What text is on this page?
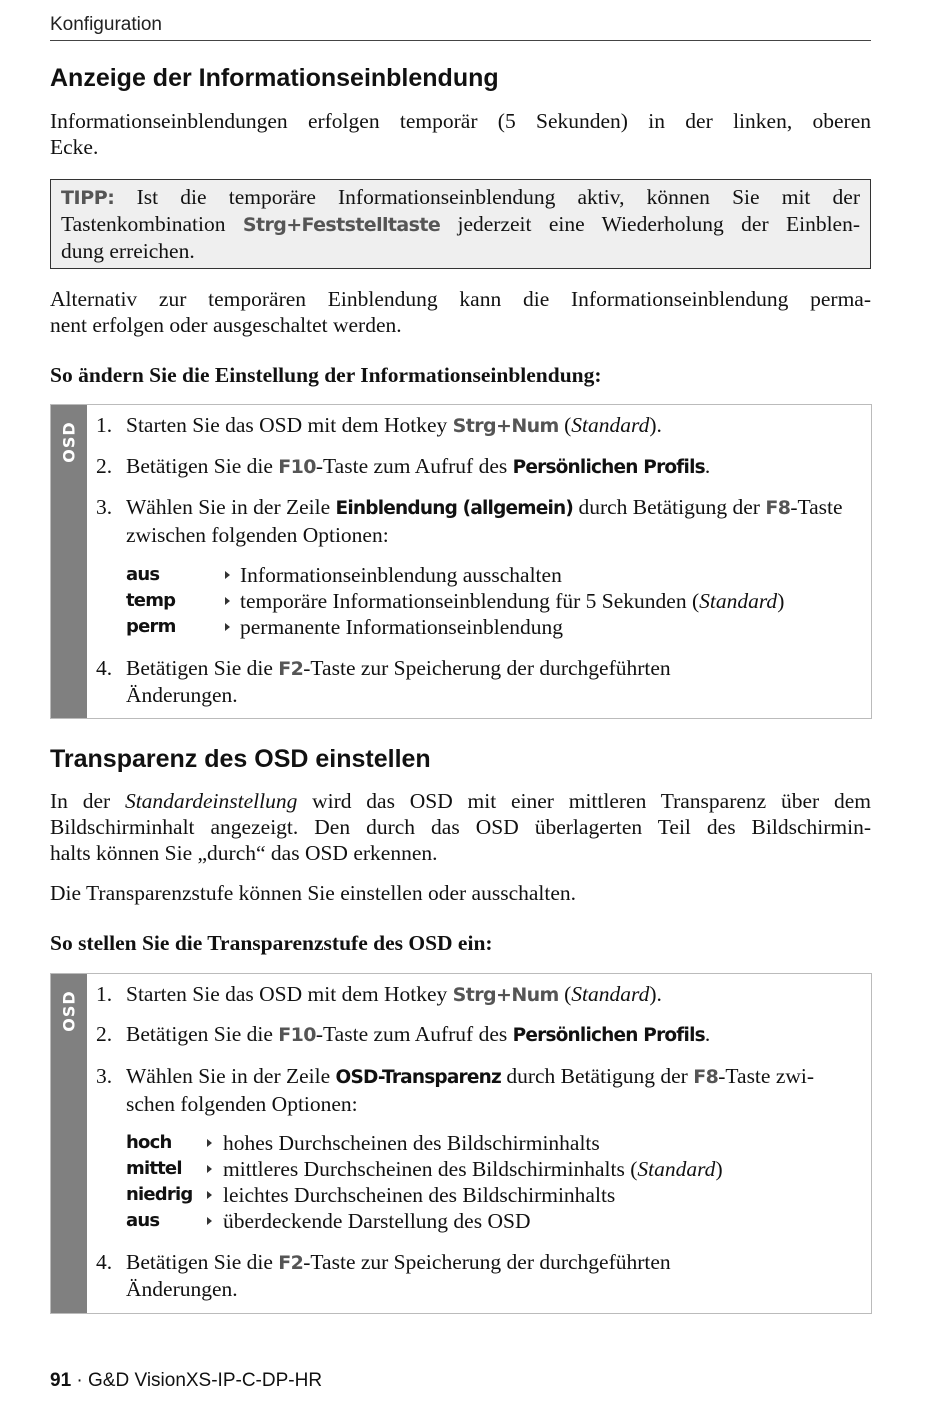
Konfiguration
Anzeige der Informationseinblendung
Informationseinblendungen erfolgen temporär (5 Sekunden) in der linken, oberen
Ecke.
TIPP: Ist die temporäre Informationseinblendung aktiv, können Sie mit der
Tastenkombination Strg+Feststelltaste jederzeit eine Wiederholung der Einblen-
dung erreichen.
Alternativ zur temporären Einblendung kann die Informationseinblendung perma-
nent erfolgen oder ausgeschaltet werden.
So ändern Sie die Einstellung der Informationseinblendung:
OSD 1. Starten Sie das OSD mit dem Hotkey Strg+Num (Standard).
2. Betätigen Sie die F10-Taste zum Aufruf des Persönlichen Profils.
3. Wählen Sie in der Zeile Einblendung (allgemein) durch Betätigung der F8-Taste
zwischen folgenden Optionen:
aus	Informationseinblendung ausschalten
temp	temporäre Informationseinblendung für 5 Sekunden (Standard)
perm	permanente Informationseinblendung
4. Betätigen Sie die F2-Taste zur Speicherung der durchgeführten
Änderungen.
Transparenz des OSD einstellen
In der Standardeinstellung wird das OSD mit einer mittleren Transparenz über dem
Bildschirminhalt angezeigt. Den durch das OSD überlagerten Teil des Bildschirmin-
halts können Sie „durch“ das OSD erkennen.
Die Transparenzstufe können Sie einstellen oder ausschalten.
So stellen Sie die Transparenzstufe des OSD ein:
OSD 1. Starten Sie das OSD mit dem Hotkey Strg+Num (Standard).
2. Betätigen Sie die F10-Taste zum Aufruf des Persönlichen Profils.
3. Wählen Sie in der Zeile OSD-Transparenz durch Betätigung der F8-Taste zwi-
schen folgenden Optionen:
hoch hohes Durchscheinen des Bildschirminhalts
mittel mittleres Durchscheinen des Bildschirminhalts (Standard)
niedrig leichtes Durchscheinen des Bildschirminhalts
aus	überdeckende Darstellung des OSD
4. Betätigen Sie die F2-Taste zur Speicherung der durchgeführten
Änderungen.
91 · G&D VisionXS-IP-C-DP-HR
